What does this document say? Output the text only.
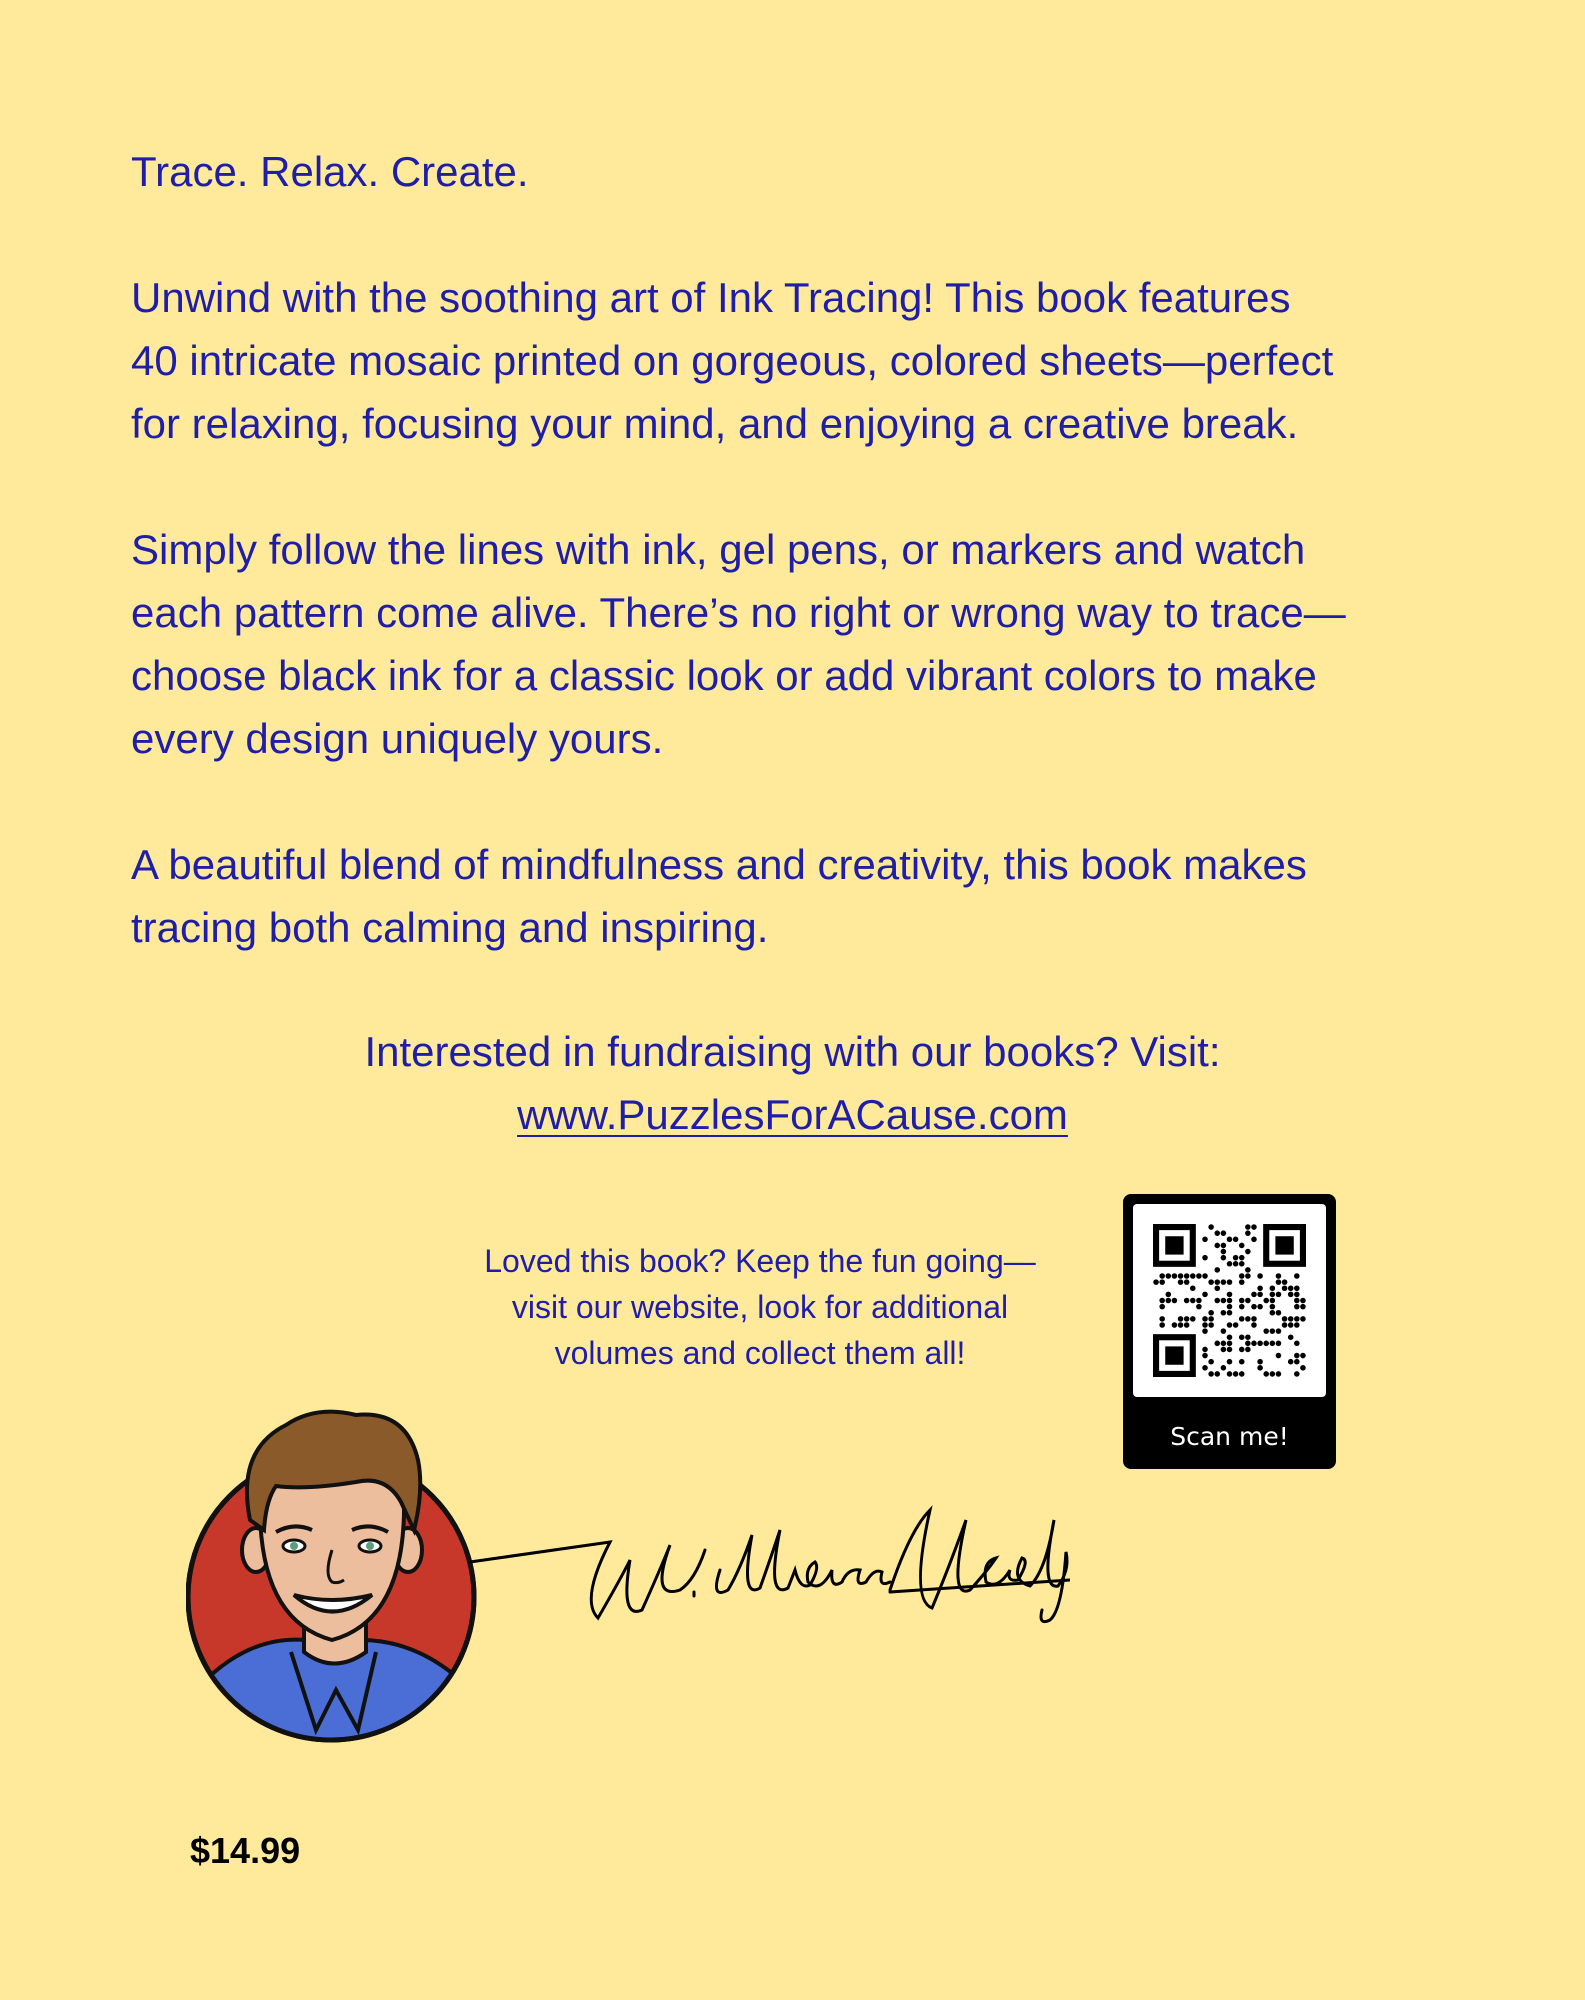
Trace. Relax. Create.

Unwind with the soothing art of Ink Tracing! This book features
40 intricate mosaic printed on gorgeous, colored sheets—perfect
for relaxing, focusing your mind, and enjoying a creative break.

Simply follow the lines with ink, gel pens, or markers and watch
each pattern come alive. There’s no right or wrong way to trace—
choose black ink for a classic look or add vibrant colors to make
every design uniquely yours.

A beautiful blend of mindfulness and creativity, this book makes
tracing both calming and inspiring.

Interested in fundraising with our books? Visit:
www.PuzzlesForACause.com
Loved this book? Keep the fun going—
visit our website, look for additional
volumes and collect them all!
Scan me!
$14.99
